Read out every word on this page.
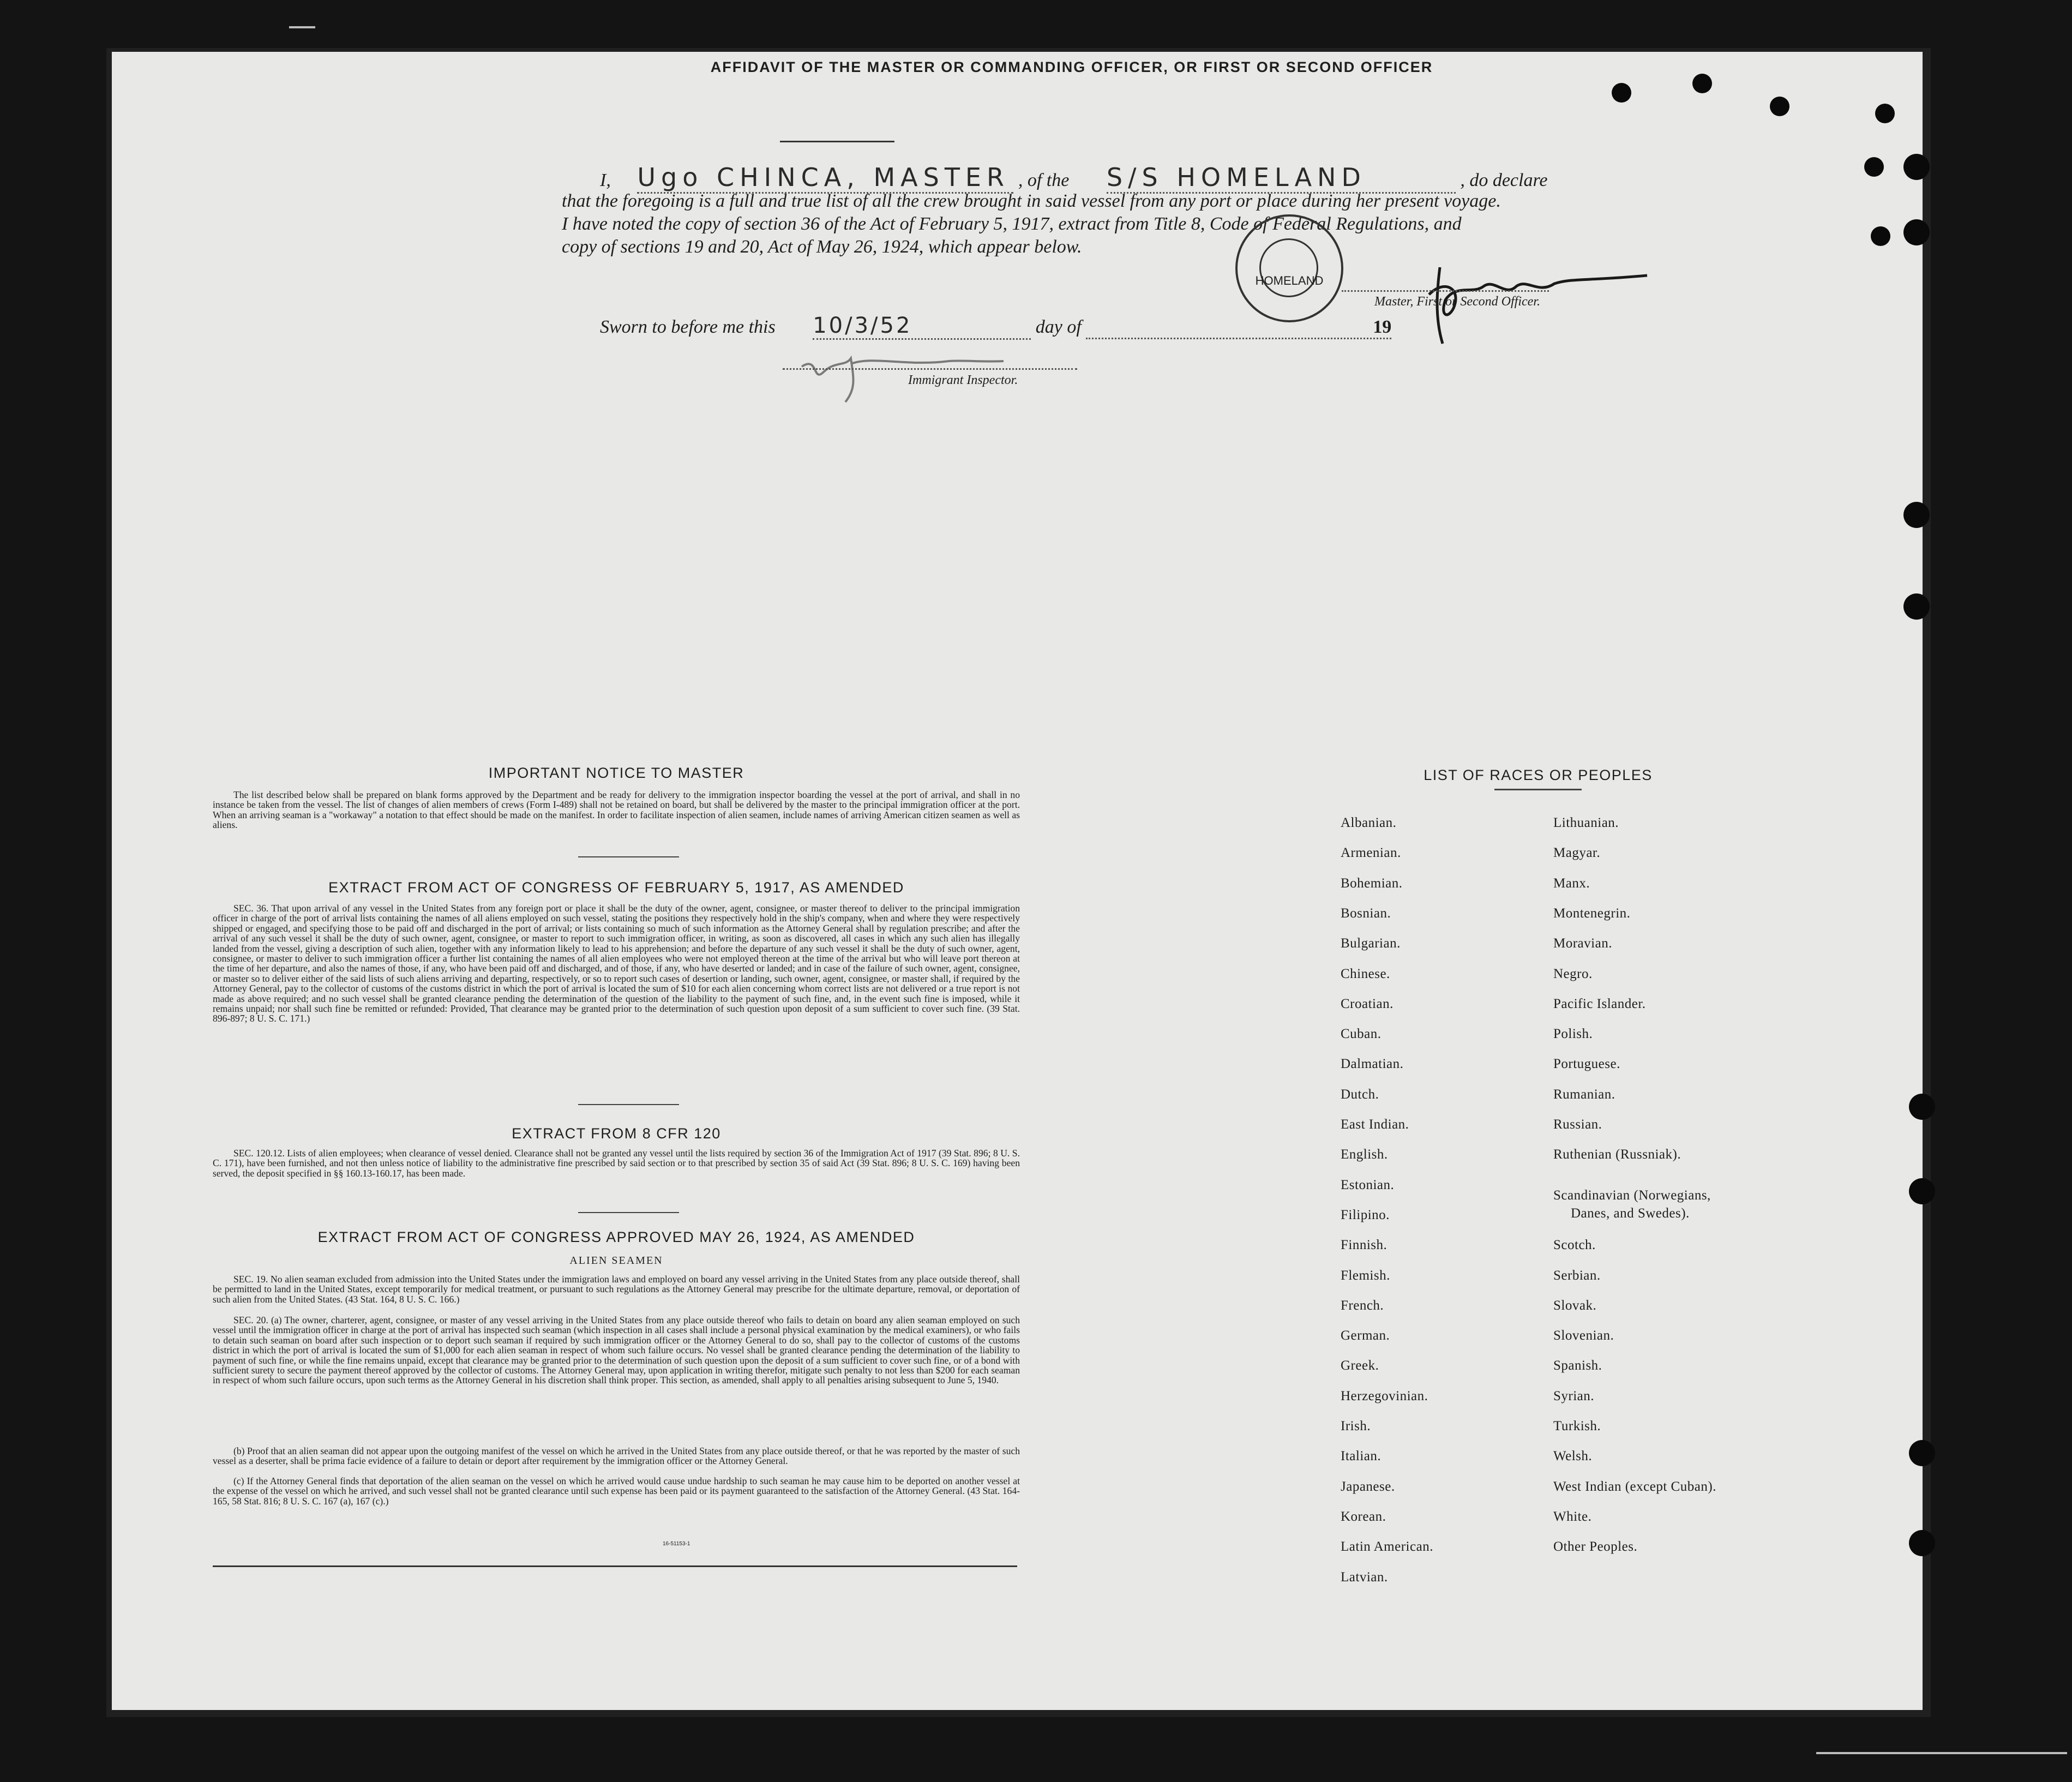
AFFIDAVIT OF THE MASTER OR COMMANDING OFFICER, OR FIRST OR SECOND OFFICER
I, Ugo CHINCA, MASTER , of the S/S HOMELAND	, do declare
that the foregoing is a full and true list of all the crew brought in said vessel from any port or place during her present voyage.
I have noted the copy of section 36 of the Act of February 5, 1917, extract from Title 8, Code of Federal Regulations, and
copy of sections 19 and 20, Act of May 26, 1924, which appear below.
Sworn to before me this 10/3/52	day of	19
HOMELAND
Master, First or Second Officer.
Immigrant Inspector.
IMPORTANT NOTICE TO MASTER
The list described below shall be prepared on blank forms approved by the Department and be ready for delivery to the immigration inspector boarding the vessel at the port of arrival, and shall in no instance be taken from the vessel. The list of changes of alien members of crews (Form I-489) shall not be retained on board, but shall be delivered by the master to the principal immigration officer at the port. When an arriving seaman is a "workaway" a notation to that effect should be made on the manifest. In order to facilitate inspection of alien seamen, include names of arriving American citizen seamen as well as aliens.
EXTRACT FROM ACT OF CONGRESS OF FEBRUARY 5, 1917, AS AMENDED
SEC. 36. That upon arrival of any vessel in the United States from any foreign port or place it shall be the duty of the owner, agent, consignee, or master thereof to deliver to the principal immigration officer in charge of the port of arrival lists containing the names of all aliens employed on such vessel, stating the positions they respectively hold in the ship's company, when and where they were respectively shipped or engaged, and specifying those to be paid off and discharged in the port of arrival; or lists containing so much of such information as the Attorney General shall by regulation prescribe; and after the arrival of any such vessel it shall be the duty of such owner, agent, consignee, or master to report to such immigration officer, in writing, as soon as discovered, all cases in which any such alien has illegally landed from the vessel, giving a description of such alien, together with any information likely to lead to his apprehension; and before the departure of any such vessel it shall be the duty of such owner, agent, consignee, or master to deliver to such immigration officer a further list containing the names of all alien employees who were not employed thereon at the time of the arrival but who will leave port thereon at the time of her departure, and also the names of those, if any, who have been paid off and discharged, and of those, if any, who have deserted or landed; and in case of the failure of such owner, agent, consignee, or master so to deliver either of the said lists of such aliens arriving and departing, respectively, or so to report such cases of desertion or landing, such owner, agent, consignee, or master shall, if required by the Attorney General, pay to the collector of customs of the customs district in which the port of arrival is located the sum of $10 for each alien concerning whom correct lists are not delivered or a true report is not made as above required; and no such vessel shall be granted clearance pending the determination of the question of the liability to the payment of such fine, and, in the event such fine is imposed, while it remains unpaid; nor shall such fine be remitted or refunded: Provided, That clearance may be granted prior to the determination of such question upon deposit of a sum sufficient to cover such fine. (39 Stat. 896-897; 8 U. S. C. 171.)
EXTRACT FROM 8 CFR 120
SEC. 120.12. Lists of alien employees; when clearance of vessel denied. Clearance shall not be granted any vessel until the lists required by section 36 of the Immigration Act of 1917 (39 Stat. 896; 8 U. S. C. 171), have been furnished, and not then unless notice of liability to the administrative fine prescribed by said section or to that prescribed by section 35 of said Act (39 Stat. 896; 8 U. S. C. 169) having been served, the deposit specified in §§ 160.13-160.17, has been made.
EXTRACT FROM ACT OF CONGRESS APPROVED MAY 26, 1924, AS AMENDED
ALIEN SEAMEN
SEC. 19. No alien seaman excluded from admission into the United States under the immigration laws and employed on board any vessel arriving in the United States from any place outside thereof, shall be permitted to land in the United States, except temporarily for medical treatment, or pursuant to such regulations as the Attorney General may prescribe for the ultimate departure, removal, or deportation of such alien from the United States. (43 Stat. 164, 8 U. S. C. 166.)
SEC. 20. (a) The owner, charterer, agent, consignee, or master of any vessel arriving in the United States from any place outside thereof who fails to detain on board any alien seaman employed on such vessel until the immigration officer in charge at the port of arrival has inspected such seaman (which inspection in all cases shall include a personal physical examination by the medical examiners), or who fails to detain such seaman on board after such inspection or to deport such seaman if required by such immigration officer or the Attorney General to do so, shall pay to the collector of customs of the customs district in which the port of arrival is located the sum of $1,000 for each alien seaman in respect of whom such failure occurs. No vessel shall be granted clearance pending the determination of the liability to payment of such fine, or while the fine remains unpaid, except that clearance may be granted prior to the determination of such question upon the deposit of a sum sufficient to cover such fine, or of a bond with sufficient surety to secure the payment thereof approved by the collector of customs. The Attorney General may, upon application in writing therefor, mitigate such penalty to not less than $200 for each seaman in respect of whom such failure occurs, upon such terms as the Attorney General in his discretion shall think proper. This section, as amended, shall apply to all penalties arising subsequent to June 5, 1940.
(b) Proof that an alien seaman did not appear upon the outgoing manifest of the vessel on which he arrived in the United States from any place outside thereof, or that he was reported by the master of such vessel as a deserter, shall be prima facie evidence of a failure to detain or deport after requirement by the immigration officer or the Attorney General.
(c) If the Attorney General finds that deportation of the alien seaman on the vessel on which he arrived would cause undue hardship to such seaman he may cause him to be deported on another vessel at the expense of the vessel on which he arrived, and such vessel shall not be granted clearance until such expense has been paid or its payment guaranteed to the satisfaction of the Attorney General. (43 Stat. 164-165, 58 Stat. 816; 8 U. S. C. 167 (a), 167 (c).)
16-51153-1
LIST OF RACES OR PEOPLES
Albanian.
Armenian.
Bohemian.
Bosnian.
Bulgarian.
Chinese.
Croatian.
Cuban.
Dalmatian.
Dutch.
East Indian.
English.
Estonian.
Filipino.
Finnish.
Flemish.
French.
German.
Greek.
Herzegovinian.
Irish.
Italian.
Japanese.
Korean.
Latin American.
Latvian.
Lithuanian.
Magyar.
Manx.
Montenegrin.
Moravian.
Negro.
Pacific Islander.
Polish.
Portuguese.
Rumanian.
Russian.
Ruthenian (Russniak).
Scandinavian (Norwegians,
Danes, and Swedes).
Scotch.
Serbian.
Slovak.
Slovenian.
Spanish.
Syrian.
Turkish.
Welsh.
West Indian (except Cuban).
White.
Other Peoples.
